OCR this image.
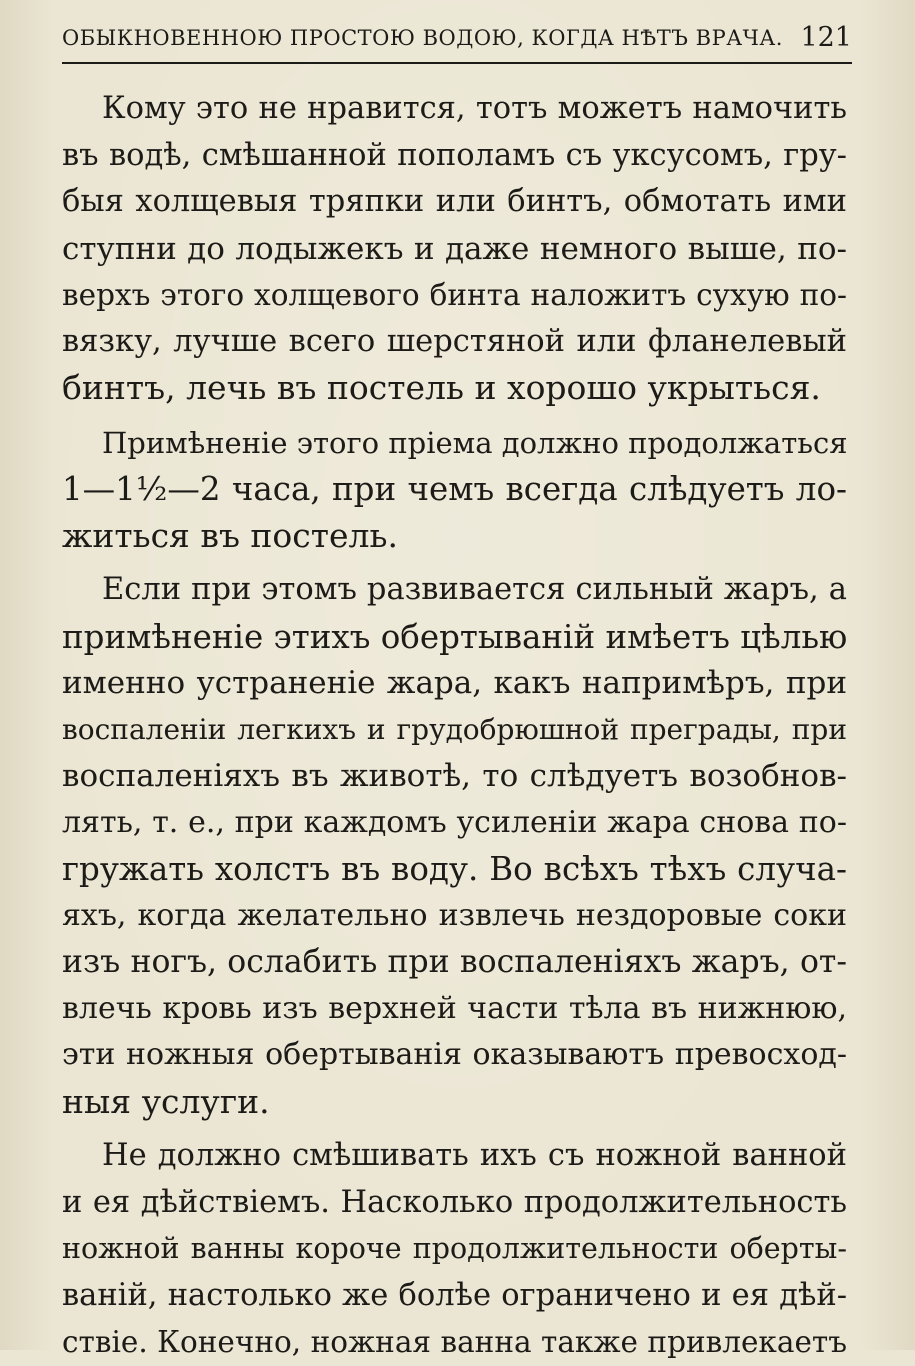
ОБЫКНОВЕННОЮ ПРОСТОЮ ВОДОЮ, КОГДА НѢТЪ ВРАЧА. 121
Кому это не нравится, тотъ можетъ намочить
въ водѣ, смѣшанной пополамъ съ уксусомъ, гру-
быя холщевыя тряпки или бинтъ, обмотать ими
ступни до лодыжекъ и даже немного выше, по-
верхъ этого холщевого бинта наложитъ сухую по-
вязку, лучше всего шерстяной или фланелевый
бинтъ, лечь въ постель и хорошо укрыться.
Примѣненіе этого пріема должно продолжаться
1—1½—2 часа, при чемъ всегда слѣдуетъ ло-
житься въ постель.
Если при этомъ развивается сильный жаръ, а
примѣненіе этихъ обертываній имѣетъ цѣлью
именно устраненіе жара, какъ напримѣръ, при
воспаленіи легкихъ и грудобрюшной преграды, при
воспаленіяхъ въ животѣ, то слѣдуетъ возобнов-
лять, т. е., при каждомъ усиленіи жара снова по-
гружать холстъ въ воду. Во всѣхъ тѣхъ случа-
яхъ, когда желательно извлечь нездоровые соки
изъ ногъ, ослабить при воспаленіяхъ жаръ, от-
влечь кровь изъ верхней части тѣла въ нижнюю,
эти ножныя обертыванія оказываютъ превосход-
ныя услуги.
Не должно смѣшивать ихъ съ ножной ванной
и ея дѣйствіемъ. Насколько продолжительность
ножной ванны короче продолжительности оберты-
ваній, настолько же болѣе ограничено и ея дѣй-
ствіе. Конечно, ножная ванна также привлекаетъ
